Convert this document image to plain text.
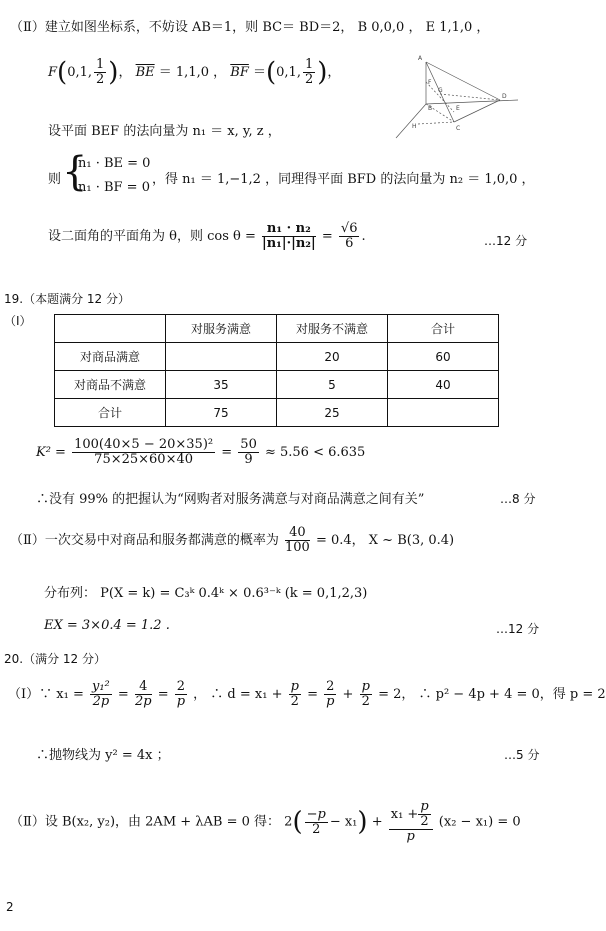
（Ⅱ）建立如图坐标系，不妨设 AB＝1，则 BC＝ BD＝2， B 0,0,0 ， E 1,1,0 ，
F(0,1, $\frac{1}{2}$ )， $\overline{BE} = 1,1,0$ ， $\overline{BF} =(0,1$, $\frac{1}{2}$ )，
A
D
G
E
B
C
F
H
设平面 BEF 的法向量为 n₁ ＝ x, y, z ，
则 {
n₁ · BE = 0
n₁ · BF = 0
，得 n₁ ＝ 1,−1,2 ，同理得平面 BFD 的法向量为 n₂ ＝ 1,0,0 ，
设二面角的平面角为 θ，则 $\cos \theta = \frac{\text{n₁ · n₂}}{\text{|n₁|·|n₂|}} = \frac{√6}{6}$ .	…12 分
19.（本题满分 12 分）
（Ⅰ）
	对服务满意	对服务不满意	合计
对商品满意		20	60
对商品不满意	35	5	40
合计	75	25	
$K^2 = \frac{\text{100(40×5 − 20×35)²}}{75\times 25\times 60\times 40} = \frac{50}{9} \approx 5.56 < 6.635$
∴没有 99% 的把握认为“网购者对服务满意与对商品满意之间有关”	…8 分
（Ⅱ）一次交易中对商品和服务都满意的概率为 $\frac{40}{100} = 0.4$， X ~ B(3, 0.4)
分布列： P(X = k) = C₃ᵏ 0.4ᵏ × 0.6³⁻ᵏ (k = 0,1,2,3)
EX = 3×0.4 = 1.2 .	…12 分
20.（满分 12 分）
（Ⅰ）∵ $x_1 = \frac{\text{y₁²}}{2p} = \frac{4}{2p} = \frac{2}{p}$ ， ∴ $d = x_1 + \frac{p}{2} = \frac{2}{p} + \frac{p}{2} = 2$， ∴ p² − 4p + 4 = 0，得 p = 2
∴抛物线为 y² = 4x ；	…5 分
（Ⅱ）设 B(x₂, y₂)，由 2AM + λAB = 0 得： $2( \frac{-p}{2} - x_1) + \frac{x_1 + \frac{p}{2}}{p} (x_2 - x_1) = 0$
2
